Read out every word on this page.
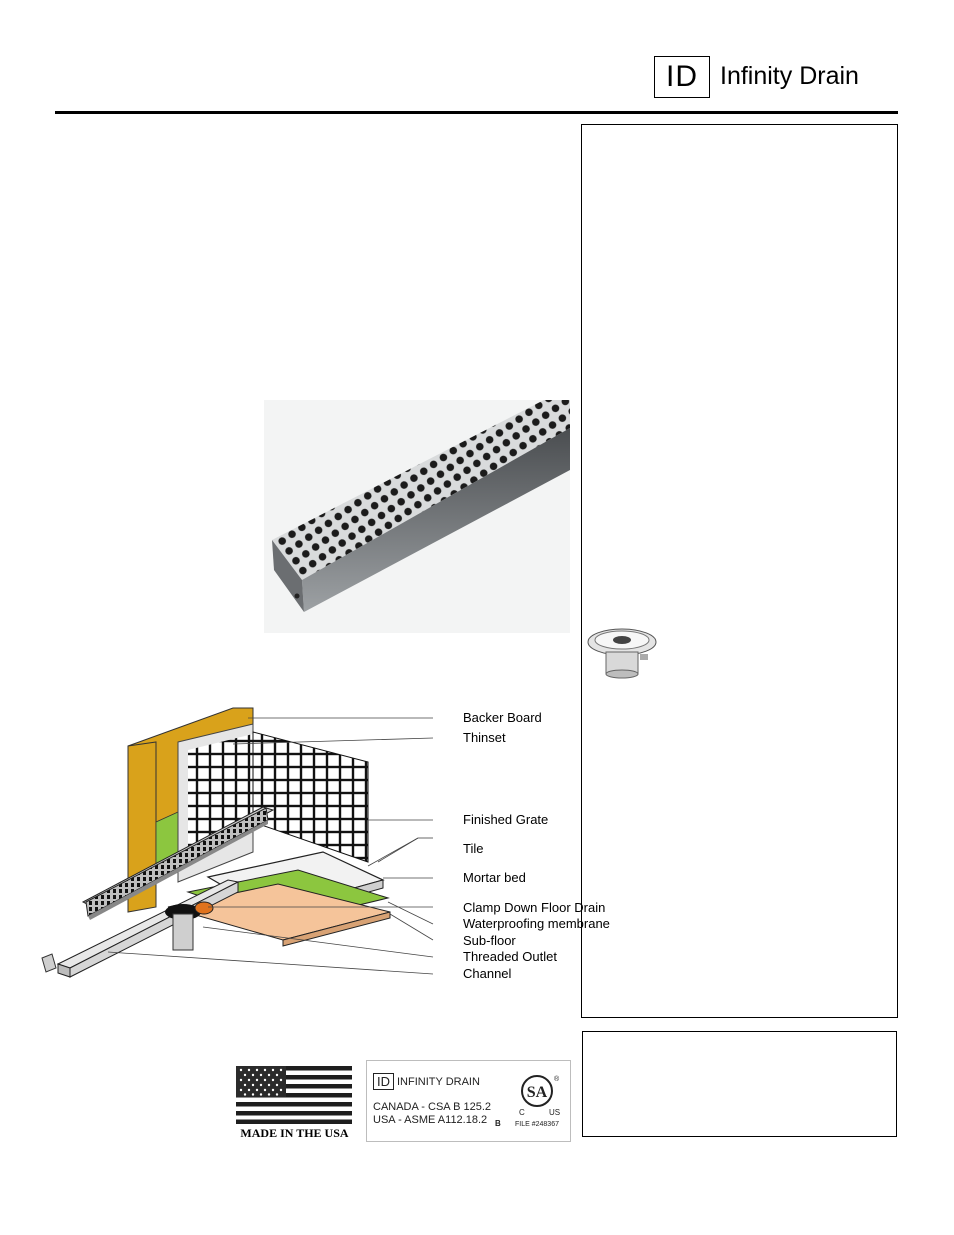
ID Infinity Drain
Backer Board
Thinset
Finished Grate
Tile
Mortar bed
Clamp Down Floor Drain
Waterproofing membrane
Sub-floor
Threaded Outlet
Channel
MADE IN THE USA
ID INFINITY DRAIN
CANADA - CSA B 125.2
USA - ASME A112.18.2 B
SA
®
C	US
FILE #248367
